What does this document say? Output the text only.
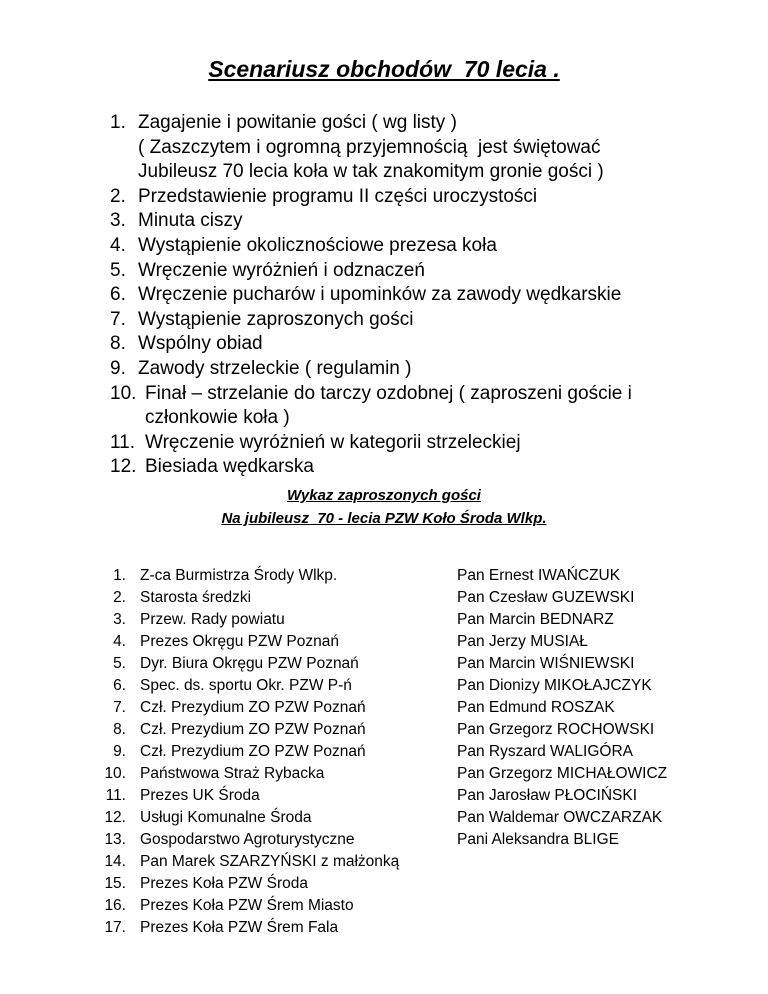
Scenariusz obchodów  70 lecia .
1. Zagajenie i powitanie gości ( wg listy )
( Zaszczytem i ogromną przyjemnością  jest świętować
Jubileusz 70 lecia koła w tak znakomitym gronie gości )
2. Przedstawienie programu II części uroczystości
3. Minuta ciszy
4. Wystąpienie okolicznościowe prezesa koła
5. Wręczenie wyróżnień i odznaczeń
6. Wręczenie pucharów i upominków za zawody wędkarskie
7. Wystąpienie zaproszonych gości
8. Wspólny obiad
9. Zawody strzeleckie ( regulamin )
10. Finał – strzelanie do tarczy ozdobnej ( zaproszeni goście i
członkowie koła )
11. Wręczenie wyróżnień w kategorii strzeleckiej
12. Biesiada wędkarska
Wykaz zaproszonych gości
Na jubileusz  70 - lecia PZW Koło Środa Wlkp.
1. Z-ca Burmistrza Środy Wlkp.	Pan Ernest IWAŃCZUK
2. Starosta średzki	Pan Czesław GUZEWSKI
3. Przew. Rady powiatu	Pan Marcin BEDNARZ
4. Prezes Okręgu PZW Poznań	Pan Jerzy MUSIAŁ
5. Dyr. Biura Okręgu PZW Poznań	Pan Marcin WIŚNIEWSKI
6. Spec. ds. sportu Okr. PZW P-ń	Pan Dionizy MIKOŁAJCZYK
7. Czł. Prezydium ZO PZW Poznań	Pan Edmund ROSZAK
8. Czł. Prezydium ZO PZW Poznań	Pan Grzegorz ROCHOWSKI
9. Czł. Prezydium ZO PZW Poznań	Pan Ryszard WALIGÓRA
10. Państwowa Straż Rybacka	Pan Grzegorz MICHAŁOWICZ
11. Prezes UK Środa	Pan Jarosław PŁOCIŃSKI
12. Usługi Komunalne Środa	Pan Waldemar OWCZARZAK
13. Gospodarstwo Agroturystyczne	Pani Aleksandra BLIGE
14. Pan Marek SZARZYŃSKI z małżonką
15. Prezes Koła PZW Środa
16. Prezes Koła PZW Śrem Miasto
17. Prezes Koła PZW Śrem Fala
